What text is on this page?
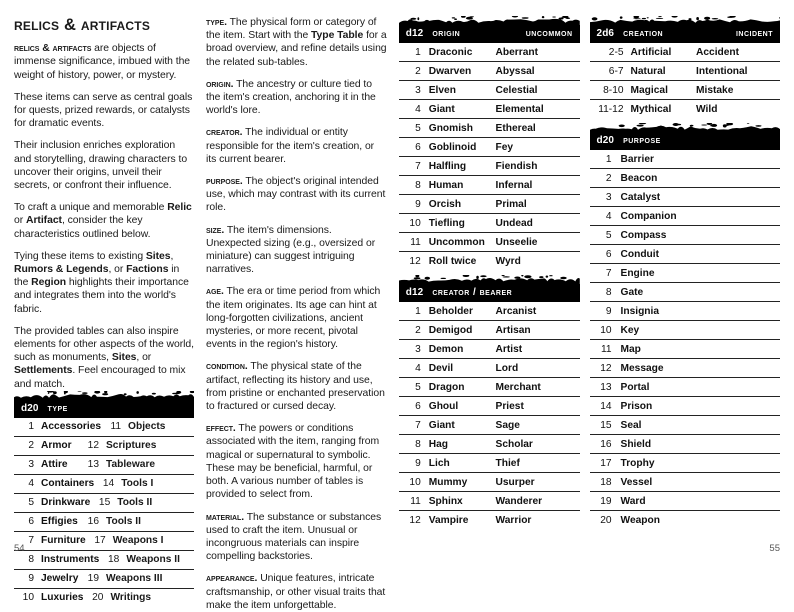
relics & artifacts

relics & artifacts are objects of immense significance, imbued with the weight of history, power, or mystery.

These items can serve as central goals for quests, prized rewards, or catalysts for dramatic events.

Their inclusion enriches exploration and storytelling, drawing characters to uncover their origins, unveil their secrets, or confront their influence.

To craft a unique and memorable Relic or Artifact, consider the key characteristics outlined below.

Tying these items to existing Sites, Rumors & Legends, or Factions in the Region highlights their importance and integrates them into the world's fabric.

The provided tables can also inspire elements for other aspects of the world, such as monuments, Sites, or Settlements. Feel encouraged to mix and match.

d20 type
1 Accessories 11 Objects
2 Armor	12 Scriptures
3 Attire	13 Tableware
4 Containers 14 Tools I
5 Drinkware 15 Tools II
6 Effigies 16 Tools II
7 Furniture 17 Weapons I
8 Instruments 18 Weapons II
9 Jewelry 19 Weapons III
10 Luxuries 20 Writings

type. The physical form or category of the item. Start with the Type Table for a broad overview, and refine details using the related sub-tables.

origin. The ancestry or culture tied to the item's creation, anchoring it in the world's lore.

creator. The individual or entity responsible for the item's creation, or its current bearer.

purpose. The object's original intended use, which may contrast with its current role.

size. The item's dimensions. Unexpected sizing (e.g., oversized or miniature) can suggest intriguing narratives.

age. The era or time period from which the item originates. Its age can hint at long-forgotten civilizations, ancient mysteries, or more recent, pivotal events in the region's history.

condition. The physical state of the artifact, reflecting its history and use, from pristine or enchanted preservation to fractured or cursed decay.

effect. The powers or conditions associated with the item, ranging from magical or supernatural to symbolic. These may be beneficial, harmful, or both. A various number of tables is provided to select from.

material. The substance or substances used to craft the item. Unusual or incongruous materials can inspire compelling backstories.

appearance. Unique features, intricate craftsmanship, or other visual traits that make the item unforgettable.

d12 origin	uncommon
1 Draconic	Aberrant
2 Dwarven	Abyssal
3 Elven	Celestial
4 Giant	Elemental
5 Gnomish	Ethereal
6 Goblinoid	Fey
7 Halfling	Fiendish
8 Human	Infernal
9 Orcish	Primal
10 Tiefling	Undead
11 Uncommon	Unseelie
12 Roll twice	Wyrd
d12 creator / bearer
1 Beholder	Arcanist
2 Demigod	Artisan
3 Demon	Artist
4 Devil	Lord
5 Dragon	Merchant
6 Ghoul	Priest
7 Giant	Sage
8 Hag	Scholar
9 Lich	Thief
10 Mummy	Usurper
11 Sphinx	Wanderer
12 Vampire	Warrior
2d6 creation	incident
2-5 Artificial	Accident
6-7 Natural	Intentional
8-10 Magical	Mistake
11-12 Mythical	Wild
d20 purpose
1 Barrier
2 Beacon
3 Catalyst
4 Companion
5 Compass
6 Conduit
7 Engine
8 Gate
9 Insignia
10 Key
11 Map
12 Message
13 Portal
14 Prison
15 Seal
16 Shield
17 Trophy
18 Vessel
19 Ward
20 Weapon
54	55
